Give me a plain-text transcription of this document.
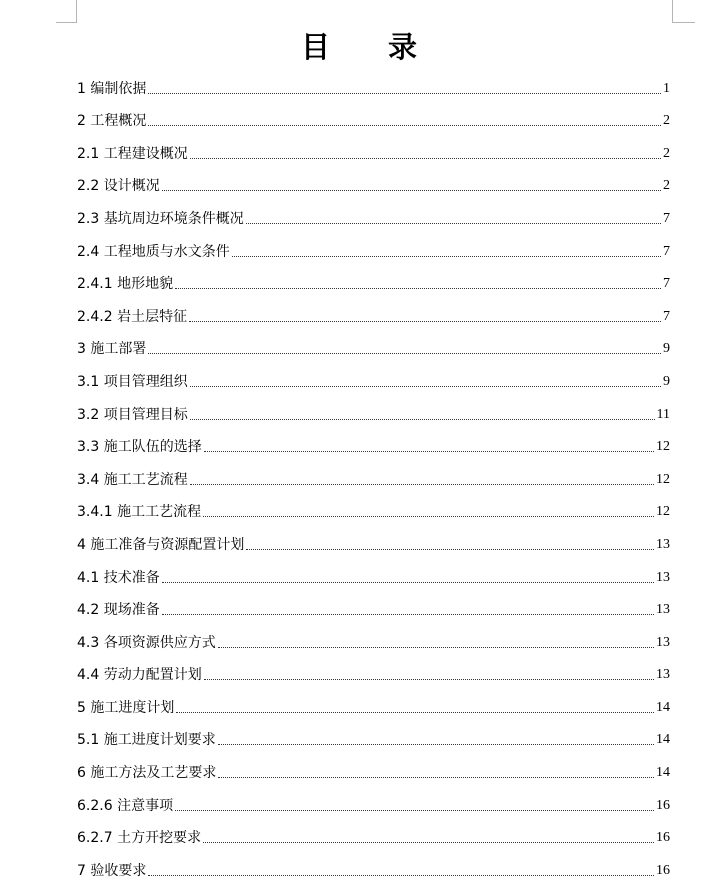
目 录
1 编制依据	1
2 工程概况	2
2.1 工程建设概况	2
2.2 设计概况	2
2.3 基坑周边环境条件概况	7
2.4 工程地质与水文条件	7
2.4.1 地形地貌	7
2.4.2 岩土层特征	7
3 施工部署	9
3.1 项目管理组织	9
3.2 项目管理目标	11
3.3 施工队伍的选择	12
3.4 施工工艺流程	12
3.4.1 施工工艺流程	12
4 施工准备与资源配置计划	13
4.1 技术准备	13
4.2 现场准备	13
4.3 各项资源供应方式	13
4.4 劳动力配置计划	13
5 施工进度计划	14
5.1 施工进度计划要求	14
6 施工方法及工艺要求	14
6.2.6 注意事项	16
6.2.7 土方开挖要求	16
7 验收要求	16
